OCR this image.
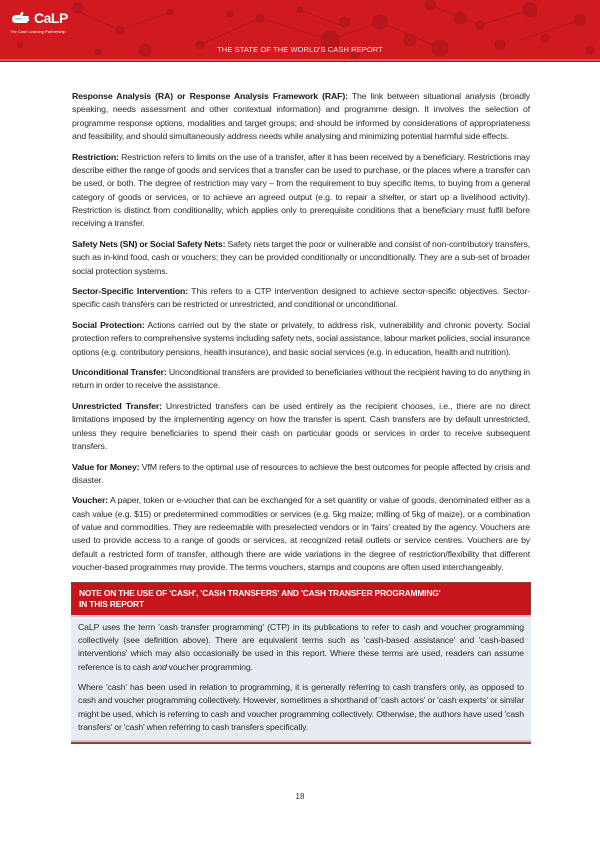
CaLP
The Cash Learning Partnership
THE STATE OF THE WORLD'S CASH REPORT

Response Analysis (RA) or Response Analysis Framework (RAF): The link between situational analysis (broadly speaking, needs assessment and other contextual information) and programme design. It involves the selection of programme response options, modalities and target groups; and should be informed by considerations of appropriateness and feasibility, and should simultaneously address needs while analysing and minimizing potential harmful side effects.

Restriction: Restriction refers to limits on the use of a transfer, after it has been received by a beneficiary. Restrictions may describe either the range of goods and services that a transfer can be used to purchase, or the places where a transfer can be used, or both. The degree of restriction may vary – from the requirement to buy specific items, to buying from a general category of goods or services, or to achieve an agreed output (e.g. to repair a shelter, or start up a livelihood activity). Restriction is distinct from conditionality, which applies only to prerequisite conditions that a beneficiary must fulfil before receiving a transfer.

Safety Nets (SN) or Social Safety Nets: Safety nets target the poor or vulnerable and consist of non-contributory transfers, such as in-kind food, cash or vouchers; they can be provided conditionally or unconditionally. They are a sub-set of broader social protection systems.

Sector-Specific Intervention: This refers to a CTP intervention designed to achieve sector-specific objectives. Sector-specific cash transfers can be restricted or unrestricted, and conditional or unconditional.

Social Protection: Actions carried out by the state or privately, to address risk, vulnerability and chronic poverty. Social protection refers to comprehensive systems including safety nets, social assistance, labour market policies, social insurance options (e.g. contributory pensions, health insurance), and basic social services (e.g. in education, health and nutrition).

Unconditional Transfer: Unconditional transfers are provided to beneficiaries without the recipient having to do anything in return in order to receive the assistance.

Unrestricted Transfer: Unrestricted transfers can be used entirely as the recipient chooses, i.e., there are no direct limitations imposed by the implementing agency on how the transfer is spent. Cash transfers are by default unrestricted, unless they require beneficiaries to spend their cash on particular goods or services in order to receive subsequent transfers.

Value for Money: VfM refers to the optimal use of resources to achieve the best outcomes for people affected by crisis and disaster.

Voucher: A paper, token or e-voucher that can be exchanged for a set quantity or value of goods, denominated either as a cash value (e.g. $15) or predetermined commodities or services (e.g. 5kg maize; milling of 5kg of maize), or a combination of value and commodities. They are redeemable with preselected vendors or in 'fairs' created by the agency. Vouchers are used to provide access to a range of goods or services, at recognized retail outlets or service centres. Vouchers are by default a restricted form of transfer, although there are wide variations in the degree of restriction/flexibility that different voucher-based programmes may provide. The terms vouchers, stamps and coupons are often used interchangeably.

NOTE ON THE USE OF 'CASH', 'CASH TRANSFERS' AND 'CASH TRANSFER PROGRAMMING'
IN THIS REPORT

CaLP uses the term 'cash transfer programming' (CTP) in its publications to refer to cash and voucher programming collectively (see definition above). There are equivalent terms such as 'cash-based assistance' and 'cash-based interventions' which may also occasionally be used in this report. Where these terms are used, readers can assume reference is to cash and voucher programming.

Where 'cash' has been used in relation to programming, it is generally referring to cash transfers only, as opposed to cash and voucher programming collectively. However, sometimes a shorthand of 'cash actors' or 'cash experts' or similar might be used, which is referring to cash and voucher programming collectively. Otherwise, the authors have used 'cash transfers' or 'cash' when referring to cash transfers specifically.

18
